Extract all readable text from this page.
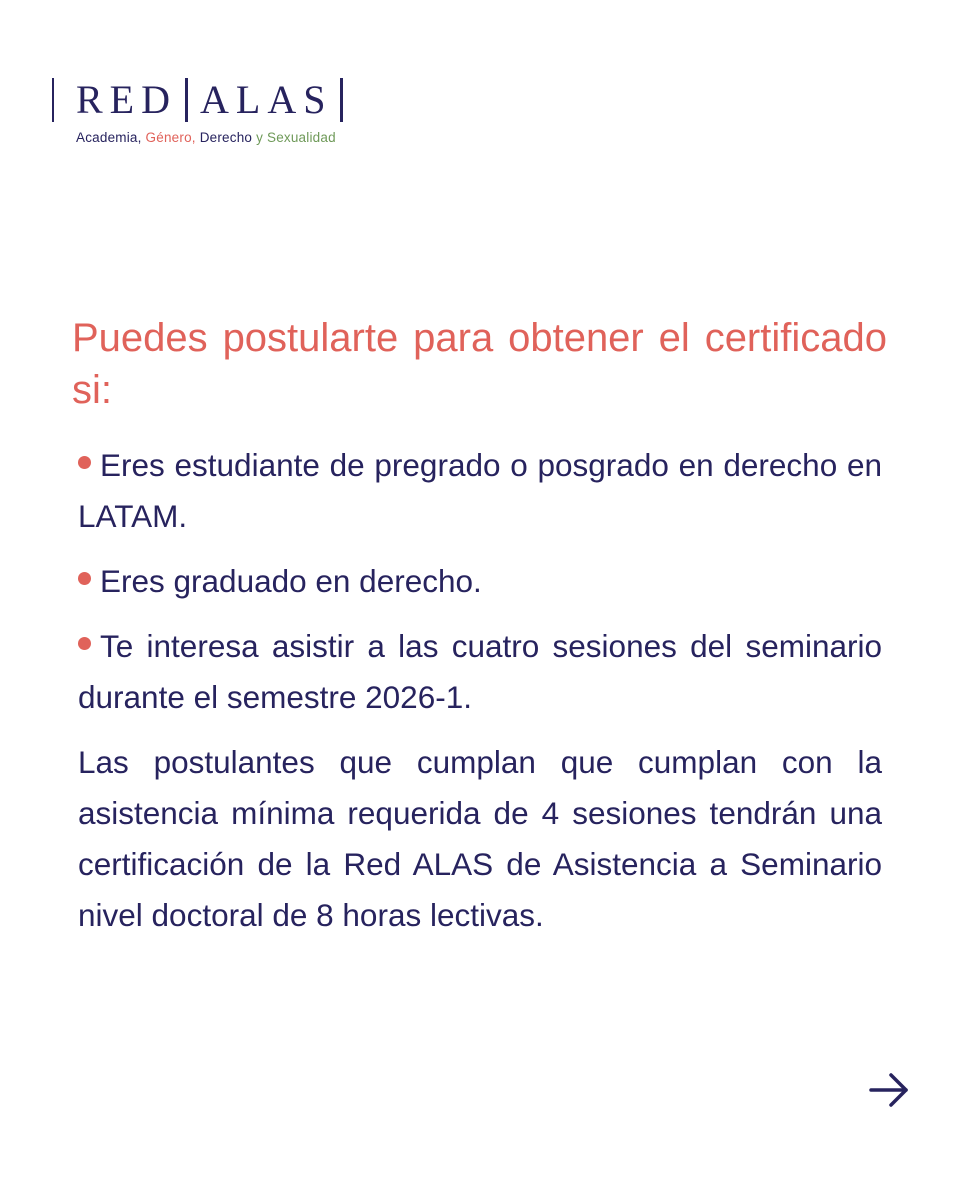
RED ALAS
Academia, Género, Derecho y Sexualidad
Puedes postularte para obtener el certificado si:

Eres estudiante de pregrado o posgrado en derecho en LATAM.

Eres graduado en derecho.

Te interesa asistir a las cuatro sesiones del seminario durante el semestre 2026-1.

Las postulantes que cumplan que cumplan con la asistencia mínima requerida de 4 sesiones tendrán una certificación de la Red ALAS de Asistencia a Seminario nivel doctoral de 8 horas lectivas.
